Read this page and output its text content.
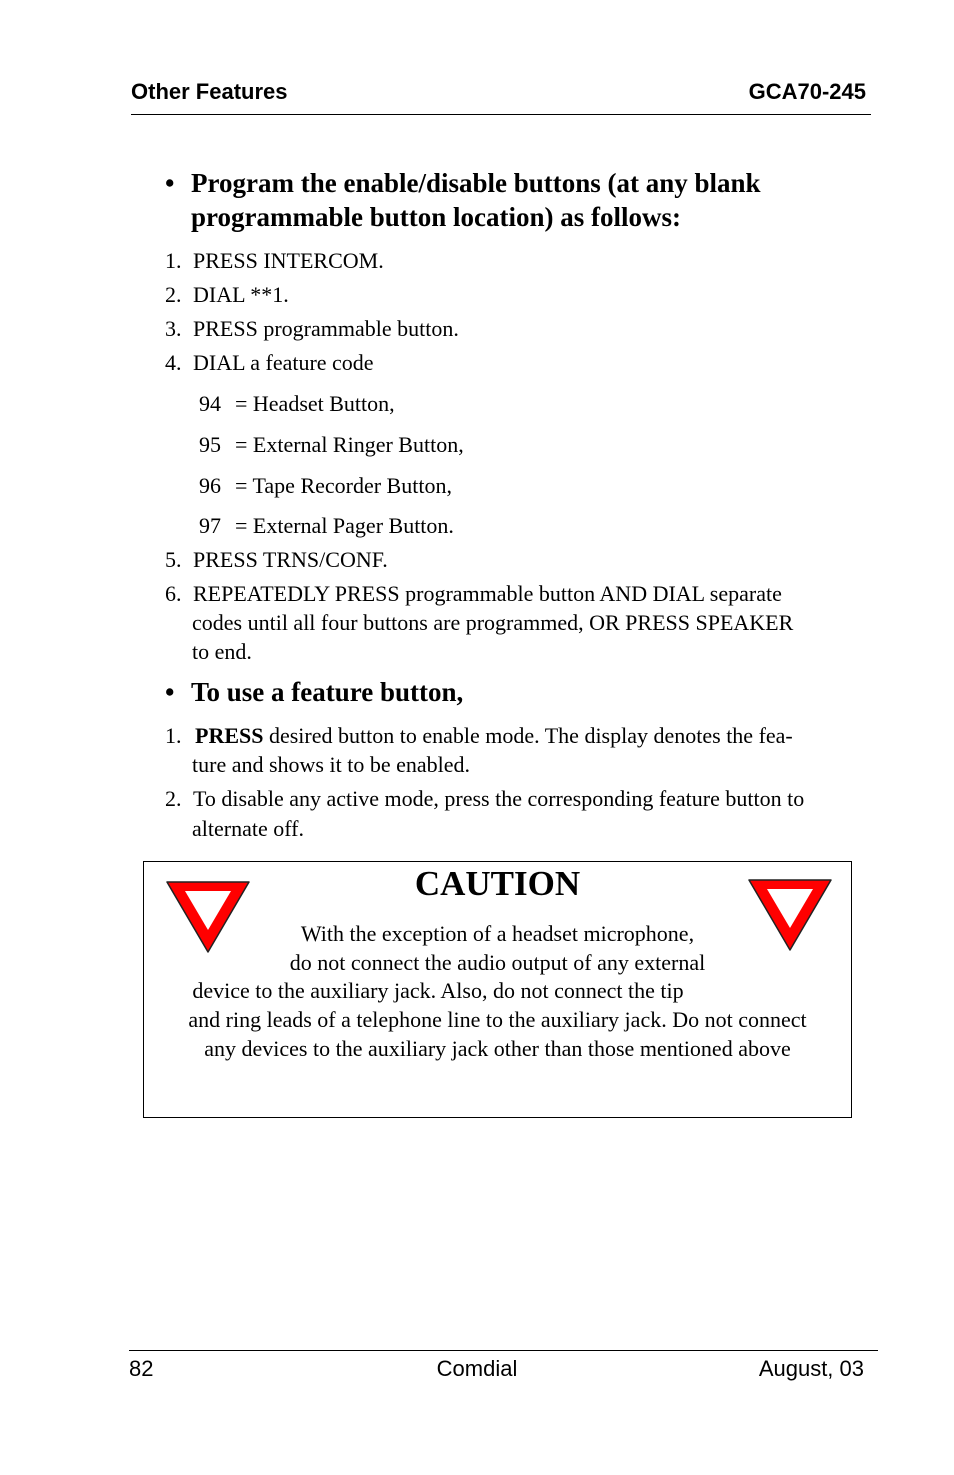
Other Features	GCA70-245
• Program the enable/disable buttons (at any blank
programmable button location) as follows:
1. PRESS INTERCOM.
2. DIAL **1.
3. PRESS programmable button.
4. DIAL a feature code
94 = Headset Button,
95 = External Ringer Button,
96 = Tape Recorder Button,
97 = External Pager Button.
5. PRESS TRNS/CONF.
6. REPEATEDLY PRESS programmable button AND DIAL separate
codes until all four buttons are programmed, OR PRESS SPEAKER
to end.
• To use a feature button,
1. PRESS desired button to enable mode. The display denotes the fea-
ture and shows it to be enabled.
2. To disable any active mode, press the corresponding feature button to
alternate off.
CAUTION
With the exception of a headset microphone,
do not connect the audio output of any external
device to the auxiliary jack. Also, do not connect the tip
and ring leads of a telephone line to the auxiliary jack. Do not connect
any devices to the auxiliary jack other than those mentioned above
82	Comdial	August, 03
